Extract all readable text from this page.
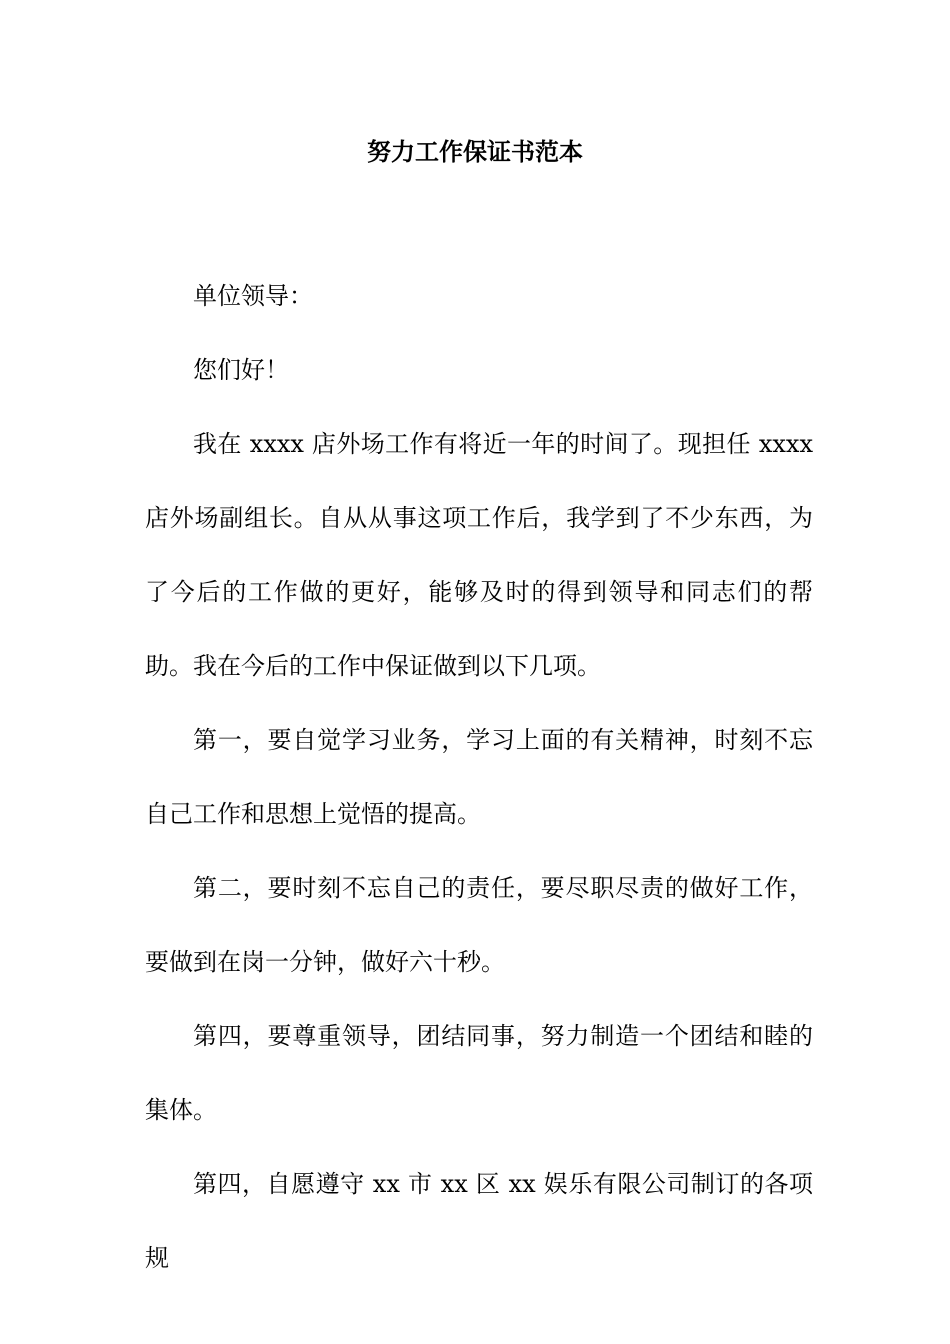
努力工作保证书范本

单位领导：

您们好！

我在 xxxx 店外场工作有将近一年的时间了。现担任 xxxx 店外场副组长。自从从事这项工作后，我学到了不少东西，为了今后的工作做的更好，能够及时的得到领导和同志们的帮助。我在今后的工作中保证做到以下几项。

第一，要自觉学习业务，学习上面的有关精神，时刻不忘自己工作和思想上觉悟的提高。

第二，要时刻不忘自己的责任，要尽职尽责的做好工作，要做到在岗一分钟，做好六十秒。

第四，要尊重领导，团结同事，努力制造一个团结和睦的集体。

第四，自愿遵守 xx 市 xx 区 xx 娱乐有限公司制订的各项规
